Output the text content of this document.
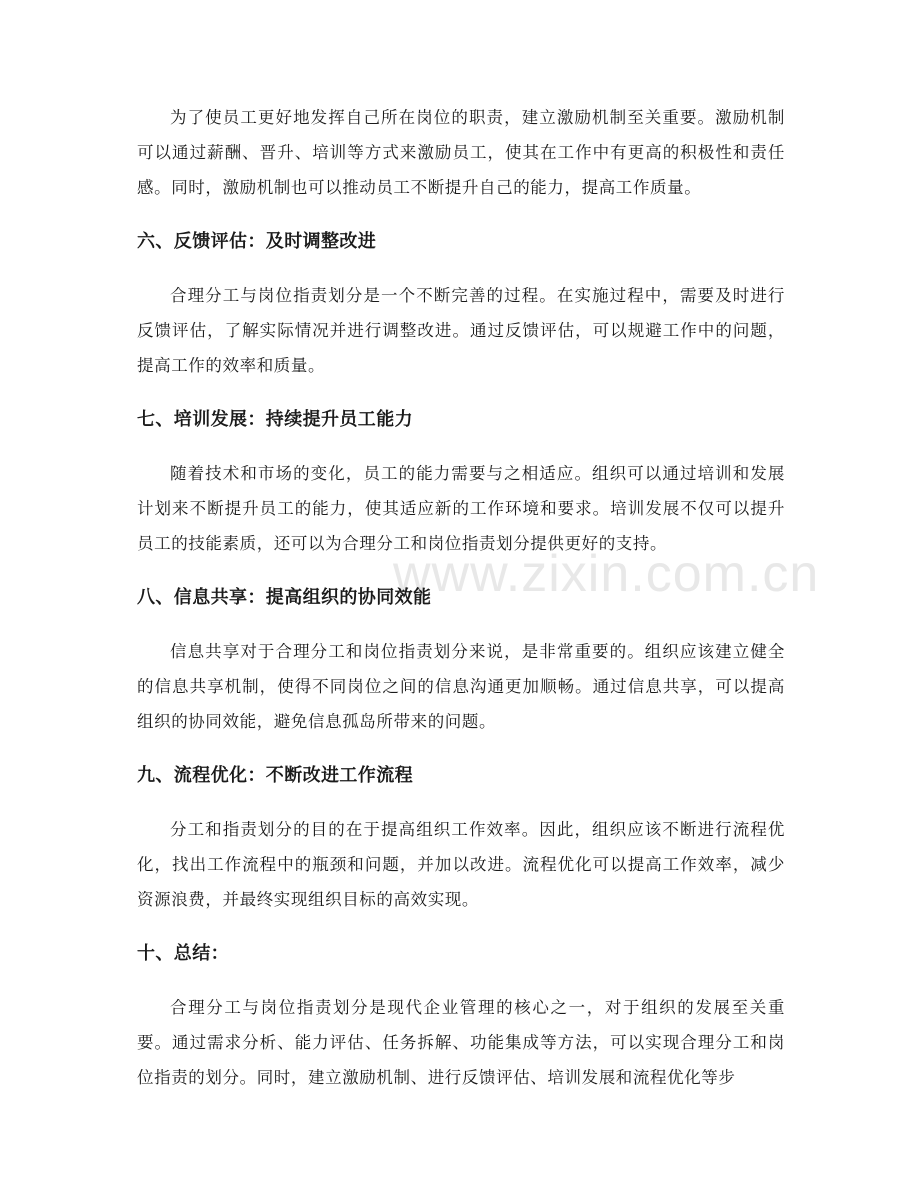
www.zixin.com.cn

为了使员工更好地发挥自己所在岗位的职责，建立激励机制至关重要。激励机制可以通过薪酬、晋升、培训等方式来激励员工，使其在工作中有更高的积极性和责任感。同时，激励机制也可以推动员工不断提升自己的能力，提高工作质量。

六、反馈评估：及时调整改进

合理分工与岗位指责划分是一个不断完善的过程。在实施过程中，需要及时进行反馈评估，了解实际情况并进行调整改进。通过反馈评估，可以规避工作中的问题，提高工作的效率和质量。

七、培训发展：持续提升员工能力

随着技术和市场的变化，员工的能力需要与之相适应。组织可以通过培训和发展计划来不断提升员工的能力，使其适应新的工作环境和要求。培训发展不仅可以提升员工的技能素质，还可以为合理分工和岗位指责划分提供更好的支持。

八、信息共享：提高组织的协同效能

信息共享对于合理分工和岗位指责划分来说，是非常重要的。组织应该建立健全的信息共享机制，使得不同岗位之间的信息沟通更加顺畅。通过信息共享，可以提高组织的协同效能，避免信息孤岛所带来的问题。

九、流程优化：不断改进工作流程

分工和指责划分的目的在于提高组织工作效率。因此，组织应该不断进行流程优化，找出工作流程中的瓶颈和问题，并加以改进。流程优化可以提高工作效率，减少资源浪费，并最终实现组织目标的高效实现。

十、总结：

合理分工与岗位指责划分是现代企业管理的核心之一，对于组织的发展至关重要。通过需求分析、能力评估、任务拆解、功能集成等方法，可以实现合理分工和岗位指责的划分。同时，建立激励机制、进行反馈评估、培训发展和流程优化等步
